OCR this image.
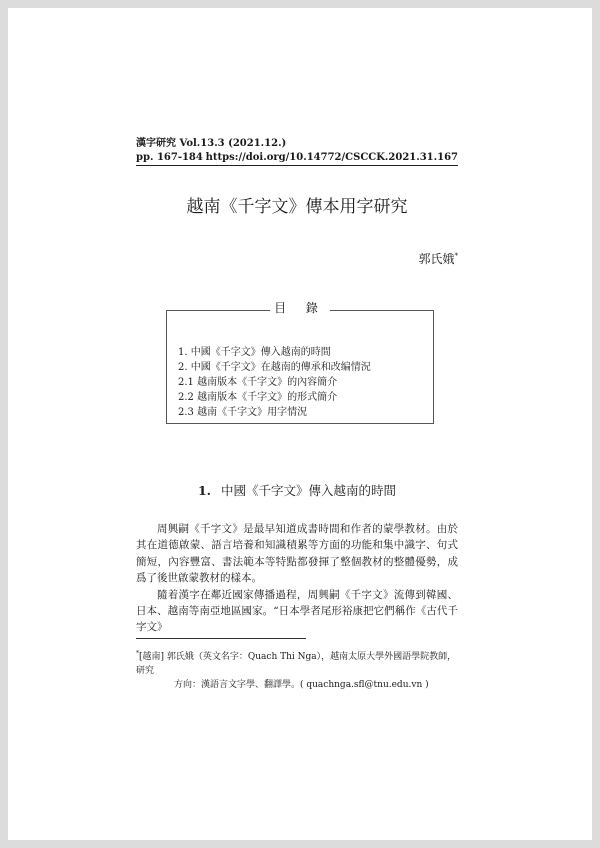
漢字研究 Vol.13.3 (2021.12.)
pp. 167-184 https://doi.org/10.14772/CSCCK.2021.31.167
越南《千字文》傳本用字研究
郭氏娥*
目 錄
1. 中國《千字文》傳入越南的時間
2. 中國《千字文》在越南的傳承和改编情況
2.1 越南版本《千字文》的內容簡介
2.2 越南版本《千字文》的形式簡介
2.3 越南《千字文》用字情況
1. 中國《千字文》傳入越南的時間

周興嗣《千字文》是最早知道成書時間和作者的蒙學教材。由於其在道德啟蒙、語言培養和知識積累等方面的功能和集中識字、句式簡短，內容豐富、書法範本等特點都發揮了整個教材的整體優勢，成爲了後世啟蒙教材的樣本。

隨着漢字在鄰近國家傳播過程，周興嗣《千字文》流傳到韓國、日本、越南等南亞地區國家。“日本學者尾形裕康把它們稱作《古代千字文》

*[越南] 郭氏娥（英文名字：Quach Thi Nga），越南太原大學外國語學院教師，研究
方向：漢語言文字學、翻譯學。( quachnga.sfl@tnu.edu.vn )
